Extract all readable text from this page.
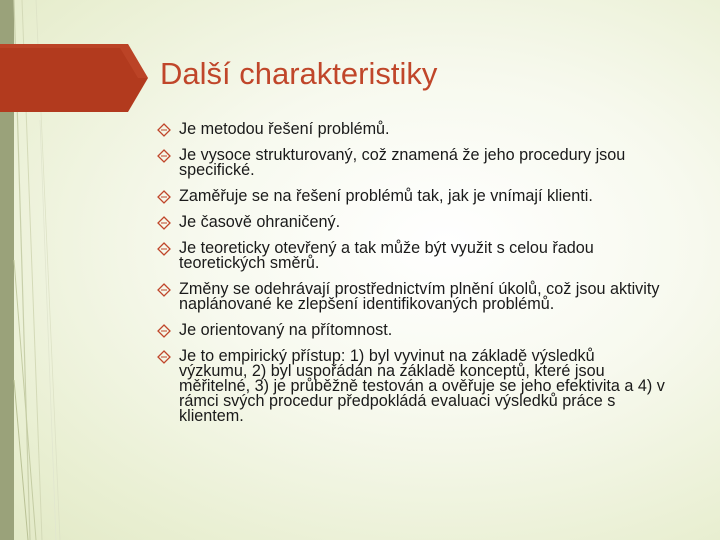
Další charakteristiky
Je metodou řešení problémů.
Je vysoce strukturovaný, což znamená že jeho procedury jsou specifické.
Zaměřuje se na řešení problémů tak, jak je vnímají klienti.
Je časově ohraničený.
Je teoreticky otevřený a tak může být využit s celou řadou teoretických směrů.
Změny se odehrávají prostřednictvím plnění úkolů, což jsou aktivity naplánované ke zlepšení identifikovaných problémů.
Je orientovaný na přítomnost.
Je to empirický přístup: 1) byl vyvinut na základě výsledků výzkumu, 2) byl uspořádán na základě konceptů, které jsou měřitelné, 3) je průběžně testován a ověřuje se jeho efektivita a 4) v rámci svých procedur předpokládá evaluaci výsledků práce s klientem.
